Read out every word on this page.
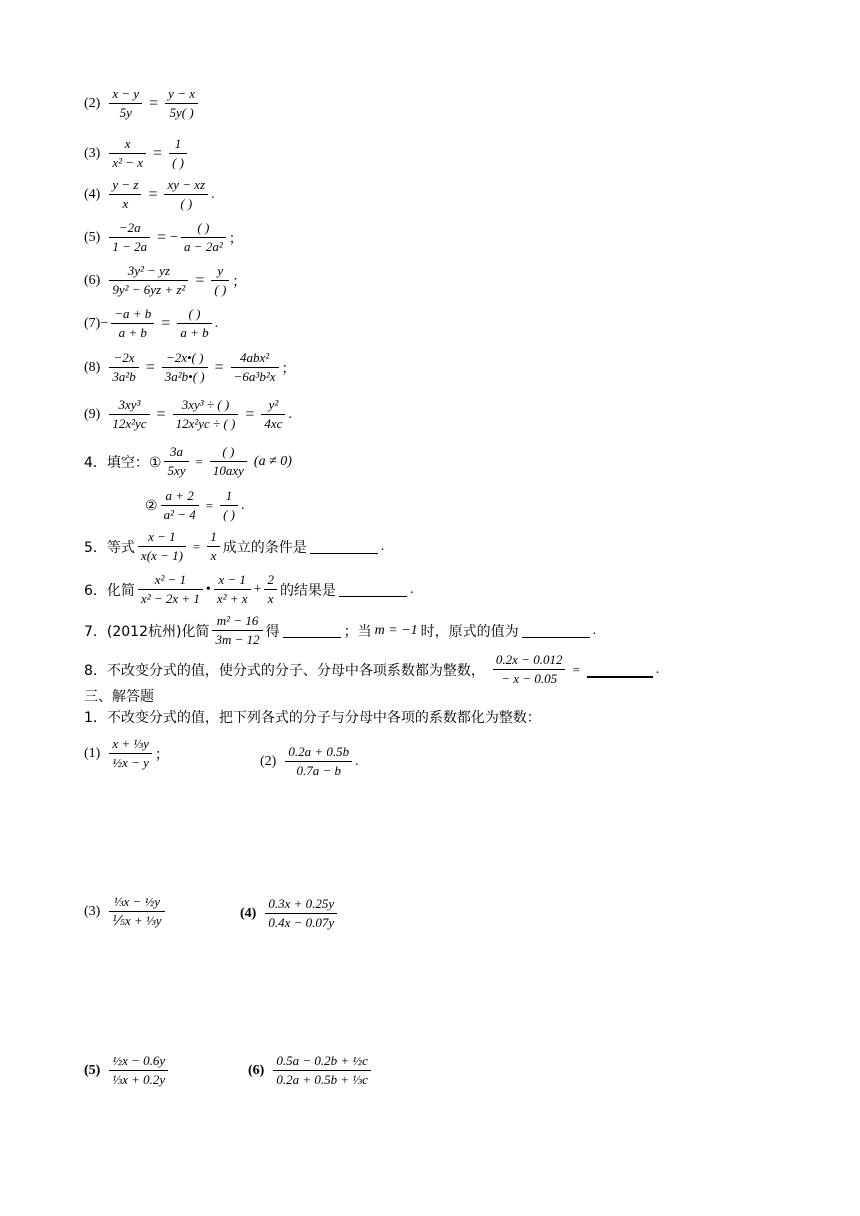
$(2) \frac{x - y}{5y} = \frac{y - x}{5y( )}$
$(3) \frac{x}{\text{x² − x}} = \frac{1}{( )}$
$(4) \frac{y - z}{x} = \frac{xy - xz}{( )}$ .
$(5) \frac{-2a}{1 - 2a}$ = − $\frac{( )}{\text{a − 2a²}}$ ；
$(6) \frac{\text{3y² − yz}}{\text{9y² − 6yz + z²}} = \frac{y}{( )}$ ；
$(7) - \frac{-a + b}{a + b} = \frac{( )}{a + b}$ .
$(8) \frac{-2x}{\text{3a²b}} = \frac{-2x•( )}{\text{3a²b•( )}} = \frac{\text{4abx²}}{\text{−6a³b²x}}$ ；
$(9) \frac{\text{3xy³}}{\text{12x²yc}} = \frac{\text{3xy³ ÷ ( )}}{\text{12x²yc ÷ ( )}} = \frac{\text{y²}}{4xc}$ .
4．填空：① $\frac{3a}{5xy} = \frac{( )}{\text{10axy}} (a \ne 0)$
② $\frac{a + 2}{\text{a² − 4}} = \frac{1}{( )}$ .
5．等式 $\frac{x - 1}{x(x - 1)} = \frac{1}{x}$ 成立的条件是	.
6．化简 $\frac{\text{x² − 1}}{\text{x² − 2x + 1}}$ • $\frac{x - 1}{\text{x² + x}} + \frac{2}{x}$ 的结果是	.
7．(2012杭州)化简 $\frac{\text{m² − 16}}{3m - 12}$ 得	；当 m = −1 时，原式的值为	.
8．不改变分式的值，使分式的分子、分母中各项系数都为整数， $\frac{0.2x - 0.012}{- x - 0.05}$ =	.
三、解答题
1．不改变分式的值，把下列各式的分子与分母中各项的系数都化为整数：
$(1) \frac{\text{x + ⅓y}}{\text{½x − y}}$ ；	$(2) \frac{0.2a + 0.5b}{0.7a - b}$ .
$(3) \frac{\text{⅓x − ½y}}{\text{⅕x + ⅓y}}$	$(4) \frac{0.3x + 0.25y}{0.4x - 0.07y}$
$(5) \frac{\text{½x − 0.6y}}{\text{⅓x + 0.2y}}$	$(6) \frac{\text{0.5a − 0.2b + ½c}}{\text{0.2a + 0.5b + ⅓c}}$
